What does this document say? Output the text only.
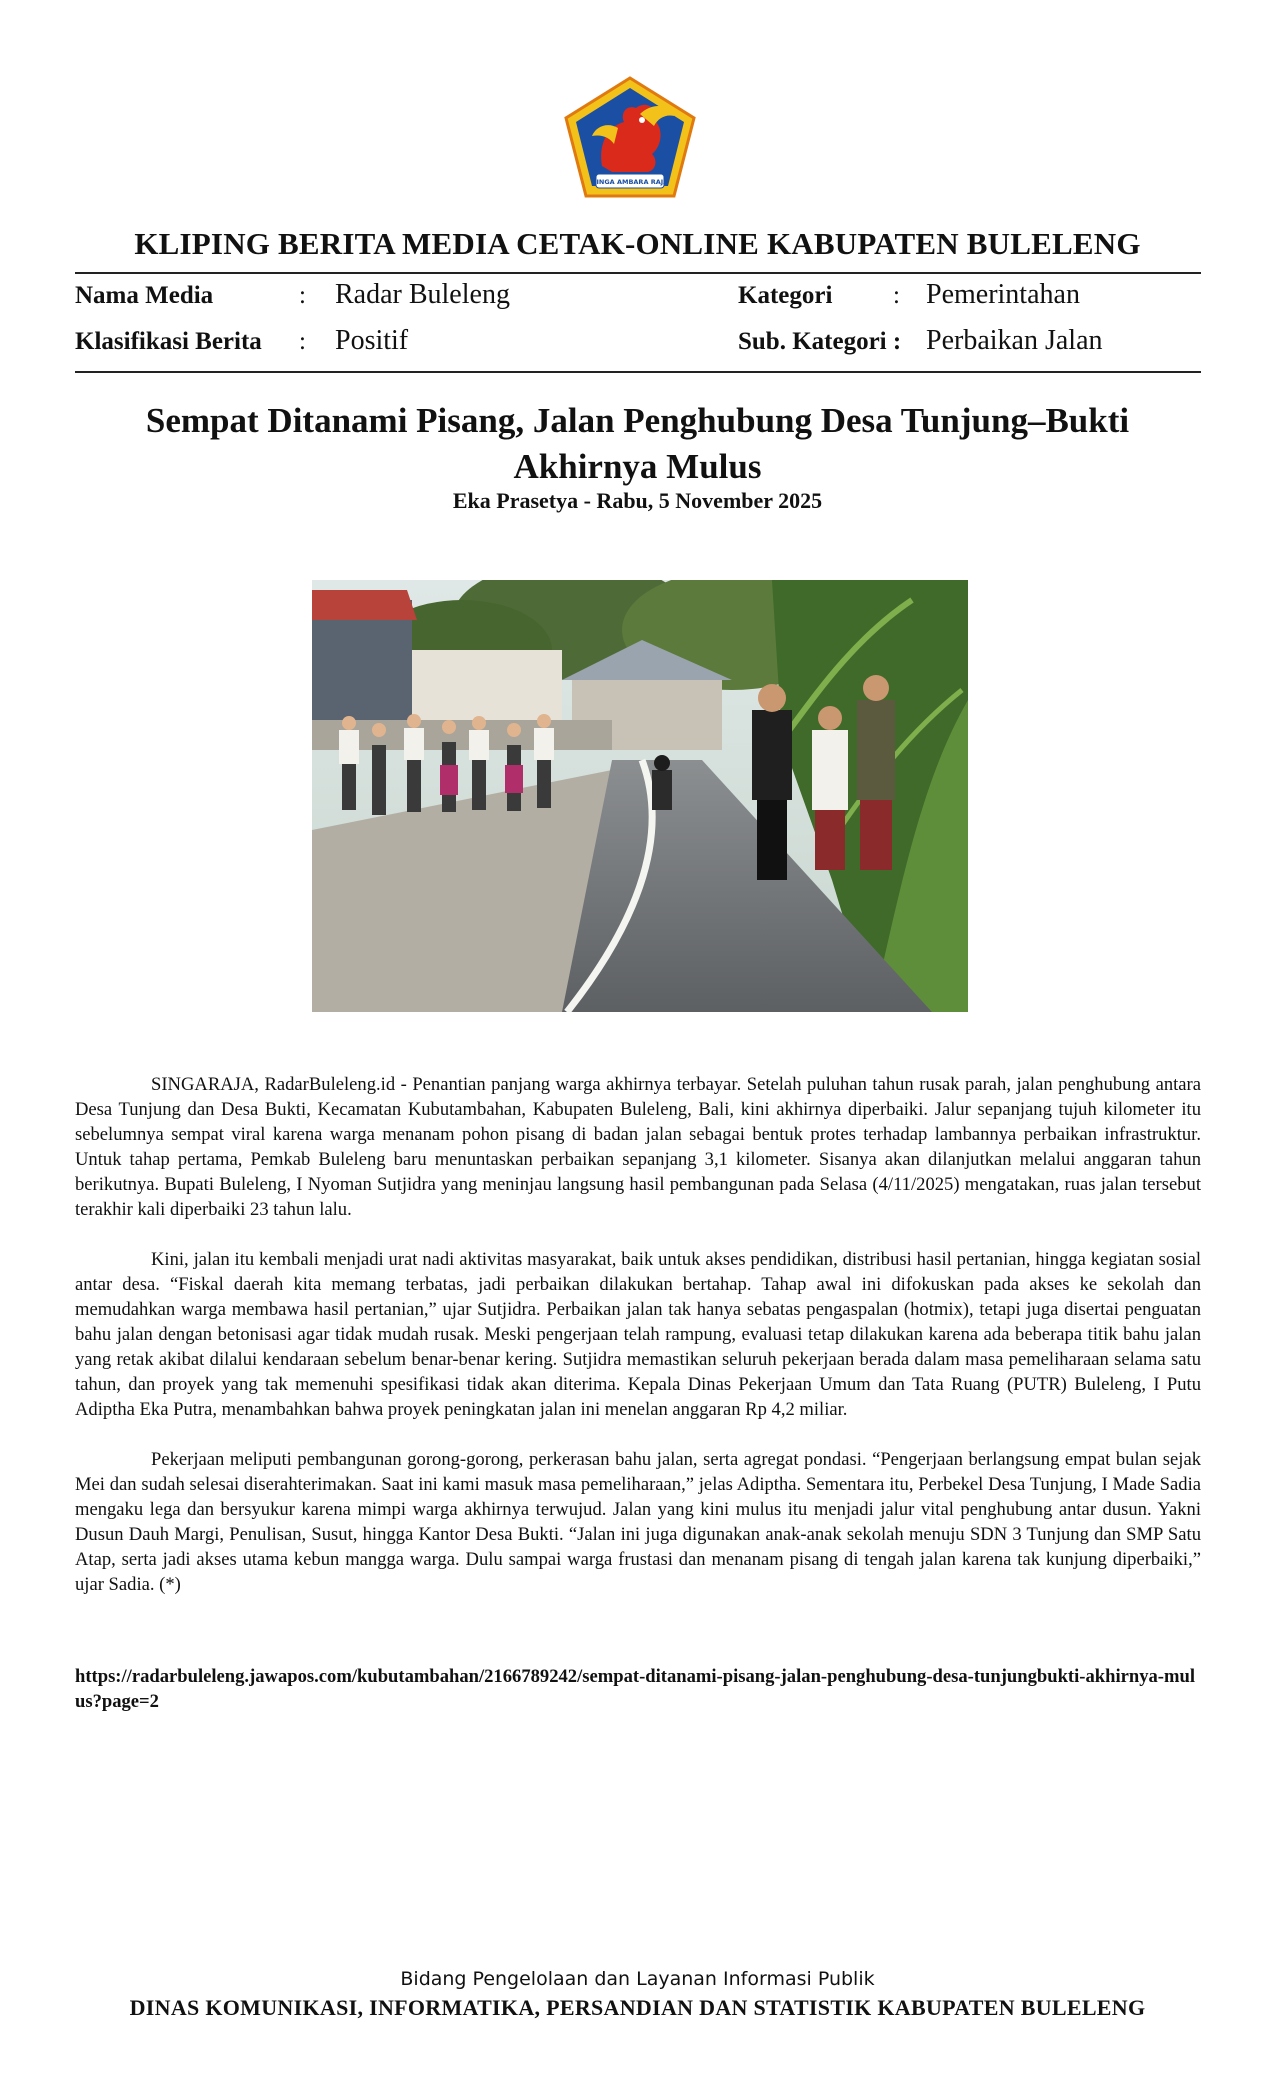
SINGA AMBARA RAJA
KLIPING BERITA MEDIA CETAK-ONLINE KABUPATEN BULELENG
Nama Media	: Radar Buleleng	Kategori : Pemerintahan
Klasifikasi Berita : Positif	Sub. Kategori : Perbaikan Jalan
Sempat Ditanami Pisang, Jalan Penghubung Desa Tunjung–Bukti Akhirnya Mulus
Eka Prasetya - Rabu, 5 November 2025

SINGARAJA, RadarBuleleng.id - Penantian panjang warga akhirnya terbayar. Setelah puluhan tahun rusak parah, jalan penghubung antara Desa Tunjung dan Desa Bukti, Kecamatan Kubutambahan, Kabupaten Buleleng, Bali, kini akhirnya diperbaiki. Jalur sepanjang tujuh kilometer itu sebelumnya sempat viral karena warga menanam pohon pisang di badan jalan sebagai bentuk protes terhadap lambannya perbaikan infrastruktur. Untuk tahap pertama, Pemkab Buleleng baru menuntaskan perbaikan sepanjang 3,1 kilometer. Sisanya akan dilanjutkan melalui anggaran tahun berikutnya. Bupati Buleleng, I Nyoman Sutjidra yang meninjau langsung hasil pembangunan pada Selasa (4/11/2025) mengatakan, ruas jalan tersebut terakhir kali diperbaiki 23 tahun lalu.

Kini, jalan itu kembali menjadi urat nadi aktivitas masyarakat, baik untuk akses pendidikan, distribusi hasil pertanian, hingga kegiatan sosial antar desa. “Fiskal daerah kita memang terbatas, jadi perbaikan dilakukan bertahap. Tahap awal ini difokuskan pada akses ke sekolah dan memudahkan warga membawa hasil pertanian,” ujar Sutjidra. Perbaikan jalan tak hanya sebatas pengaspalan (hotmix), tetapi juga disertai penguatan bahu jalan dengan betonisasi agar tidak mudah rusak. Meski pengerjaan telah rampung, evaluasi tetap dilakukan karena ada beberapa titik bahu jalan yang retak akibat dilalui kendaraan sebelum benar-benar kering. Sutjidra memastikan seluruh pekerjaan berada dalam masa pemeliharaan selama satu tahun, dan proyek yang tak memenuhi spesifikasi tidak akan diterima. Kepala Dinas Pekerjaan Umum dan Tata Ruang (PUTR) Buleleng, I Putu Adiptha Eka Putra, menambahkan bahwa proyek peningkatan jalan ini menelan anggaran Rp 4,2 miliar.

Pekerjaan meliputi pembangunan gorong-gorong, perkerasan bahu jalan, serta agregat pondasi. “Pengerjaan berlangsung empat bulan sejak Mei dan sudah selesai diserahterimakan. Saat ini kami masuk masa pemeliharaan,” jelas Adiptha. Sementara itu, Perbekel Desa Tunjung, I Made Sadia mengaku lega dan bersyukur karena mimpi warga akhirnya terwujud. Jalan yang kini mulus itu menjadi jalur vital penghubung antar dusun. Yakni Dusun Dauh Margi, Penulisan, Susut, hingga Kantor Desa Bukti. “Jalan ini juga digunakan anak-anak sekolah menuju SDN 3 Tunjung dan SMP Satu Atap, serta jadi akses utama kebun mangga warga. Dulu sampai warga frustasi dan menanam pisang di tengah jalan karena tak kunjung diperbaiki,” ujar Sadia. (*)

https://radarbuleleng.jawapos.com/kubutambahan/2166789242/sempat-ditanami-pisang-jalan-penghubung-desa-tunjungbukti-akhirnya-mulus?page=2
Bidang Pengelolaan dan Layanan Informasi Publik
DINAS KOMUNIKASI, INFORMATIKA, PERSANDIAN DAN STATISTIK KABUPATEN BULELENG
